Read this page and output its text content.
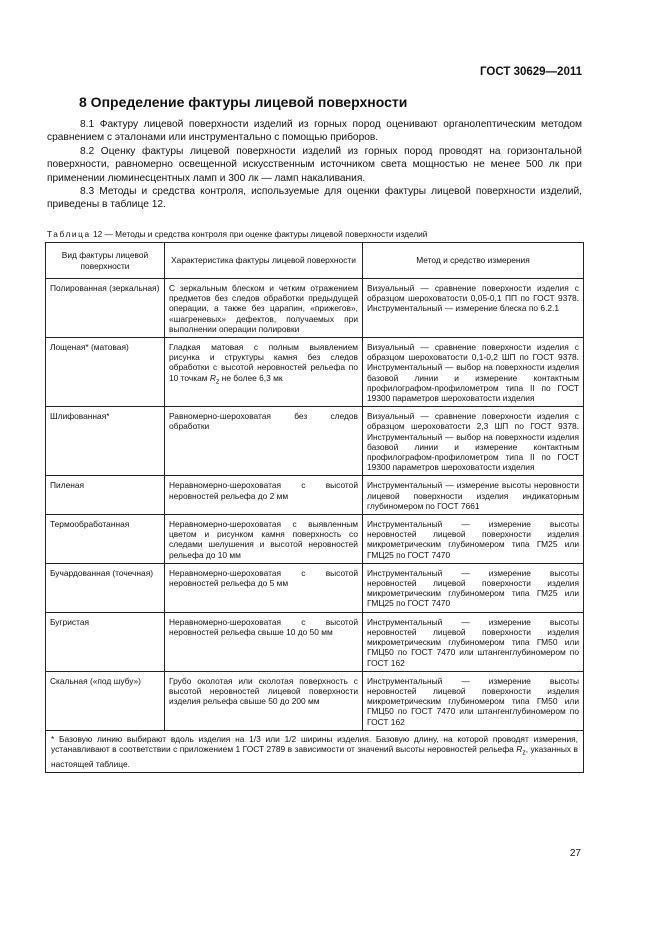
ГОСТ 30629—2011
8 Определение фактуры лицевой поверхности

8.1 Фактуру лицевой поверхности изделий из горных пород оценивают органолептическим методом сравнением с эталонами или инструментально с помощью приборов.

8.2 Оценку фактуры лицевой поверхности изделий из горных пород проводят на горизонтальной поверхности, равномерно освещенной искусственным источником света мощностью не менее 500 лк при применении люминесцентных ламп и 300 лк — ламп накаливания.

8.3 Методы и средства контроля, используемые для оценки фактуры лицевой поверхности изделий, приведены в таблице 12.

Таблица 12 — Методы и средства контроля при оценке фактуры лицевой поверхности изделий
Вид фактуры лицевой поверхности	Характеристика фактуры лицевой поверхности	Метод и средство измерения
Полированная (зеркальная)	С зеркальным блеском и четким отражением предметов без следов обработки предыдущей операции, а также без царапин, «прижегов», «шагреневых» дефектов, получаемых при выполнении операции полировки	Визуальный — сравнение поверхности изделия с образцом шероховатости 0,05-0,1 ПП по ГОСТ 9378. Инструментальный — измерение блеска по 6.2.1
Лощеная* (матовая)	Гладкая матовая с полным выявлением рисунка и структуры камня без следов обработки с высотой неровностей рельефа по 10 точкам $R_z$ не более 6,3 мк	Визуальный — сравнение поверхности изделия с образцом шероховатости 0,1-0,2 ШП по ГОСТ 9378. Инструментальный — выбор на поверхности изделия базовой линии и измерение контактным профилографом-профилометром типа II по ГОСТ 19300 параметров шероховатости изделия
Шлифованная*	Равномерно-шероховатая без следов обработки	Визуальный — сравнение поверхности изделия с образцом шероховатости 2,3 ШП по ГОСТ 9378. Инструментальный — выбор на поверхности изделия базовой линии и измерение контактным профилографом-профилометром типа II по ГОСТ 19300 параметров шероховатости изделия
Пиленая	Неравномерно-шероховатая с высотой неровностей рельефа до 2 мм	Инструментальный — измерение высоты неровности лицевой поверхности изделия индикаторным глубиномером по ГОСТ 7661
Термообработанная	Неравномерно-шероховатая с выявленным цветом и рисунком камня поверхность со следами шелушения и высотой неровностей рельефа до 10 мм	Инструментальный — измерение высоты неровностей лицевой поверхности изделия микрометрическим глубиномером типа ГМ25 или ГМЦ25 по ГОСТ 7470
Бучардованная (точечная)	Неравномерно-шероховатая с высотой неровностей рельефа до 5 мм	Инструментальный — измерение высоты неровностей лицевой поверхности изделия микрометрическим глубиномером типа ГМ25 или ГМЦ25 по ГОСТ 7470
Бугристая	Неравномерно-шероховатая с высотой неровностей рельефа свыше 10 до 50 мм	Инструментальный — измерение высоты неровностей лицевой поверхности изделия микрометрическим глубиномером типа ГМ50 или ГМЦ50 по ГОСТ 7470 или штангенглубиномером по ГОСТ 162
Скальная («под шубу»)	Грубо околотая или сколотая поверхность с высотой неровностей лицевой поверхности изделия рельефа свыше 50 до 200 мм	Инструментальный — измерение высоты неровностей лицевой поверхности изделия микрометрическим глубиномером типа ГМ50 или ГМЦ50 по ГОСТ 7470 или штангенглубиномером по ГОСТ 162
* Базовую линию выбирают вдоль изделия на 1/3 или 1/2 ширины изделия. Базовую длину, на которой проводят измерения, устанавливают в соответствии с приложением 1 ГОСТ 2789 в зависимости от значений высоты неровностей рельефа $R_z$, указанных в настоящей таблице.		
27
